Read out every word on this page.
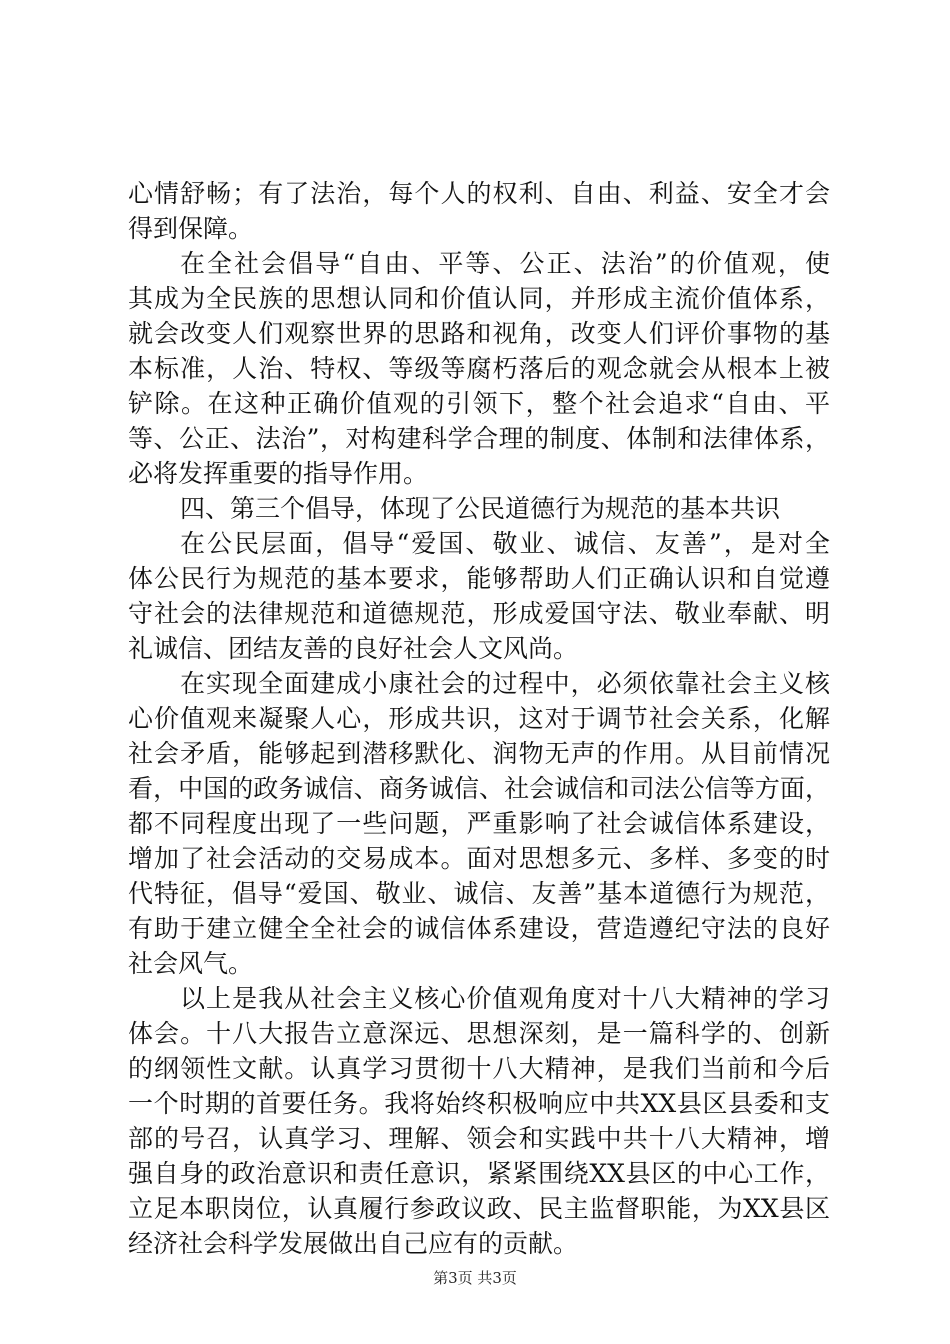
心情舒畅；有了法治，每个人的权利、自由、利益、安全才会
得到保障。
在全社会倡导“自由、平等、公正、法治”的价值观，使
其成为全民族的思想认同和价值认同，并形成主流价值体系，
就会改变人们观察世界的思路和视角，改变人们评价事物的基
本标准，人治、特权、等级等腐朽落后的观念就会从根本上被
铲除。在这种正确价值观的引领下，整个社会追求“自由、平
等、公正、法治”，对构建科学合理的制度、体制和法律体系，
必将发挥重要的指导作用。
四、第三个倡导，体现了公民道德行为规范的基本共识
在公民层面，倡导“爱国、敬业、诚信、友善”，是对全
体公民行为规范的基本要求，能够帮助人们正确认识和自觉遵
守社会的法律规范和道德规范，形成爱国守法、敬业奉献、明
礼诚信、团结友善的良好社会人文风尚。
在实现全面建成小康社会的过程中，必须依靠社会主义核
心价值观来凝聚人心，形成共识，这对于调节社会关系，化解
社会矛盾，能够起到潜移默化、润物无声的作用。从目前情况
看，中国的政务诚信、商务诚信、社会诚信和司法公信等方面，
都不同程度出现了一些问题，严重影响了社会诚信体系建设，
增加了社会活动的交易成本。面对思想多元、多样、多变的时
代特征，倡导“爱国、敬业、诚信、友善”基本道德行为规范，
有助于建立健全全社会的诚信体系建设，营造遵纪守法的良好
社会风气。
以上是我从社会主义核心价值观角度对十八大精神的学习
体会。十八大报告立意深远、思想深刻，是一篇科学的、创新
的纲领性文献。认真学习贯彻十八大精神，是我们当前和今后
一个时期的首要任务。我将始终积极响应中共XX县区县委和支
部的号召，认真学习、理解、领会和实践中共十八大精神，增
强自身的政治意识和责任意识，紧紧围绕XX县区的中心工作，
立足本职岗位，认真履行参政议政、民主监督职能，为XX县区
经济社会科学发展做出自己应有的贡献。
第3页 共3页
